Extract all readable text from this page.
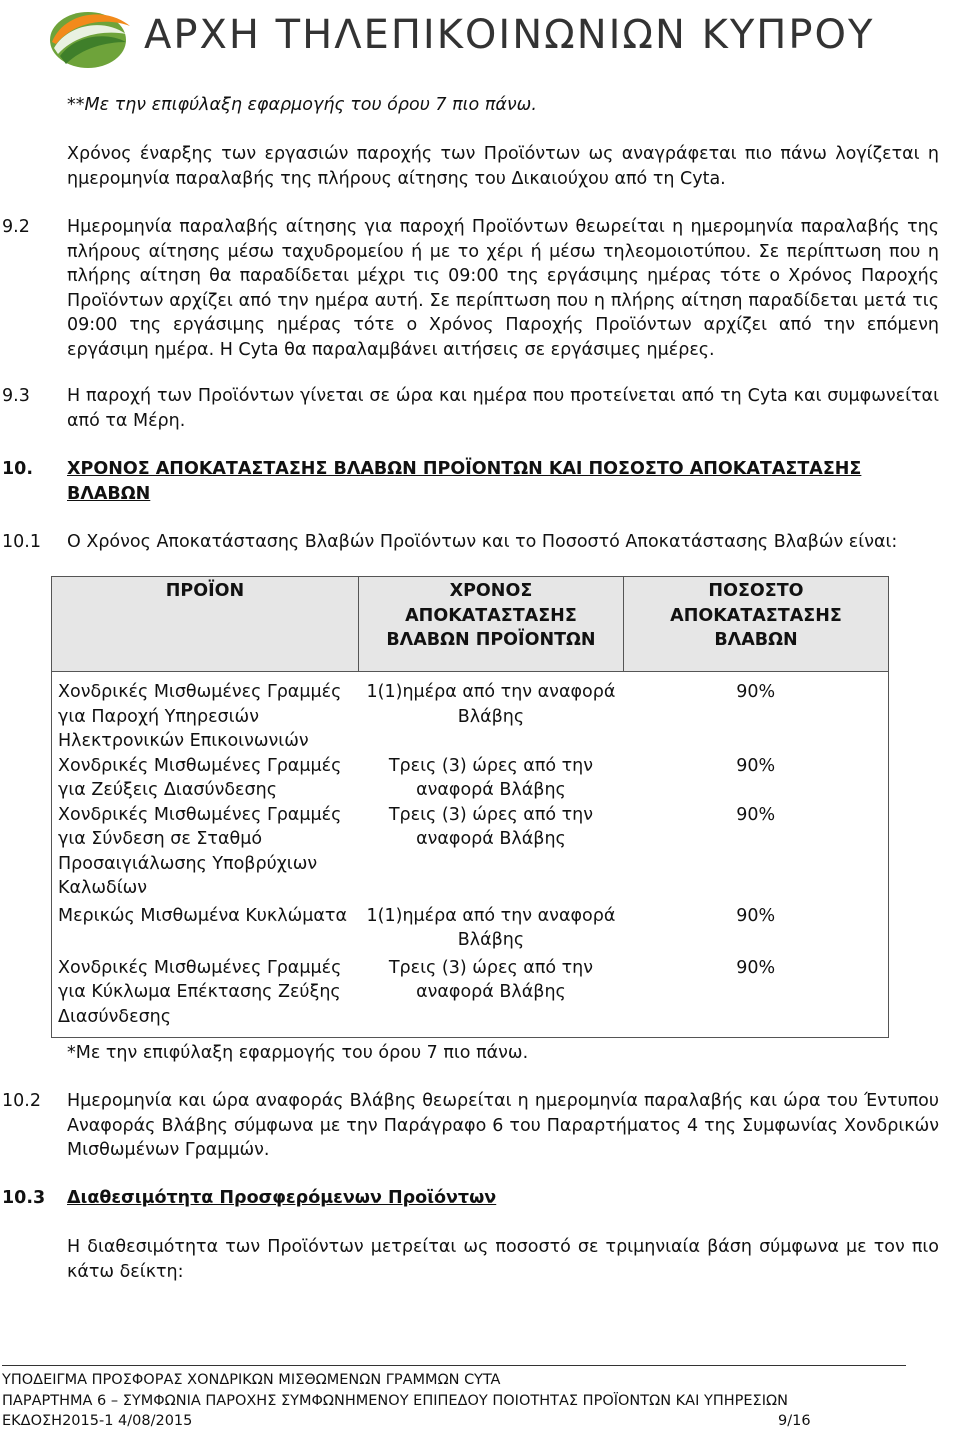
ΑΡΧΗ ΤΗΛΕΠΙΚΟΙΝΩΝΙΩΝ ΚΥΠΡΟΥ
**Με την επιφύλαξη εφαρμογής του όρου 7 πιο πάνω.
Χρόνος έναρξης των εργασιών παροχής των Προϊόντων ως αναγράφεται πιο πάνω λογίζεται η ημερομηνία παραλαβής της πλήρους αίτησης του Δικαιούχου από τη Cyta.
9.2 Ημερομηνία παραλαβής αίτησης για παροχή Προϊόντων θεωρείται η ημερομηνία παραλαβής της πλήρους αίτησης μέσω ταχυδρομείου ή με το χέρι ή μέσω τηλεομοιοτύπου. Σε περίπτωση που η πλήρης αίτηση θα παραδίδεται μέχρι τις 09:00 της εργάσιμης ημέρας τότε ο Χρόνος Παροχής Προϊόντων αρχίζει από την ημέρα αυτή. Σε περίπτωση που η πλήρης αίτηση παραδίδεται μετά τις 09:00 της εργάσιμης ημέρας τότε ο Χρόνος Παροχής Προϊόντων αρχίζει από την επόμενη εργάσιμη ημέρα. Η Cyta θα παραλαμβάνει αιτήσεις σε εργάσιμες ημέρες.
9.3 Η παροχή των Προϊόντων γίνεται σε ώρα και ημέρα που προτείνεται από τη Cyta και συμφωνείται από τα Μέρη.
10. ΧΡΟΝΟΣ ΑΠΟΚΑΤΑΣΤΑΣΗΣ ΒΛΑΒΩΝ ΠΡΟΪΟΝΤΩΝ ΚΑΙ ΠΟΣΟΣΤΟ ΑΠΟΚΑΤΑΣΤΑΣΗΣ ΒΛΑΒΩΝ
10.1 Ο Χρόνος Αποκατάστασης Βλαβών Προϊόντων και το Ποσοστό Αποκατάστασης Βλαβών είναι:
ΠΡΟΪΟΝ	ΧΡΟΝΟΣ ΑΠΟΚΑΤΑΣΤΑΣΗΣ ΒΛΑΒΩΝ ΠΡΟΪΟΝΤΩΝ	ΠΟΣΟΣΤΟ ΑΠΟΚΑΤΑΣΤΑΣΗΣ ΒΛΑΒΩΝ
Χονδρικές Μισθωμένες Γραμμές για Παροχή Υπηρεσιών Ηλεκτρονικών Επικοινωνιών	1(1)ημέρα από την αναφορά Βλάβης	90%
Χονδρικές Μισθωμένες Γραμμές για Ζεύξεις Διασύνδεσης	Τρεις (3) ώρες από την αναφορά Βλάβης	90%
Χονδρικές Μισθωμένες Γραμμές για Σύνδεση σε Σταθμό Προσαιγιάλωσης Υποβρύχιων Καλωδίων	Τρεις (3) ώρες από την αναφορά Βλάβης	90%
Μερικώς Μισθωμένα Κυκλώματα	1(1)ημέρα από την αναφορά Βλάβης	90%
Χονδρικές Μισθωμένες Γραμμές για Κύκλωμα Επέκτασης Ζεύξης Διασύνδεσης	Τρεις (3) ώρες από την αναφορά Βλάβης	90%
*Με την επιφύλαξη εφαρμογής του όρου 7 πιο πάνω.
10.2 Ημερομηνία και ώρα αναφοράς Βλάβης θεωρείται η ημερομηνία παραλαβής και ώρα του Έντυπου Αναφοράς Βλάβης σύμφωνα με την Παράγραφο 6 του Παραρτήματος 4 της Συμφωνίας Χονδρικών Μισθωμένων Γραμμών.
10.3 Διαθεσιμότητα Προσφερόμενων Προϊόντων
Η διαθεσιμότητα των Προϊόντων μετρείται ως ποσοστό σε τριμηνιαία βάση σύμφωνα με τον πιο κάτω δείκτη:
ΥΠΟΔΕΙΓΜΑ ΠΡΟΣΦΟΡΑΣ ΧΟΝΔΡΙΚΩΝ ΜΙΣΘΩΜΕΝΩΝ ΓΡΑΜΜΩΝ CYTA
ΠΑΡΑΡΤΗΜΑ 6 – ΣΥΜΦΩΝΙΑ ΠΑΡΟΧΗΣ ΣΥΜΦΩΝΗΜΕΝΟΥ ΕΠΙΠΕΔΟΥ ΠΟΙΟΤΗΤΑΣ ΠΡΟΪΟΝΤΩΝ ΚΑΙ ΥΠΗΡΕΣΙΩΝ
ΕΚΔΟΣΗ2015-1 4/08/2015	9/16
